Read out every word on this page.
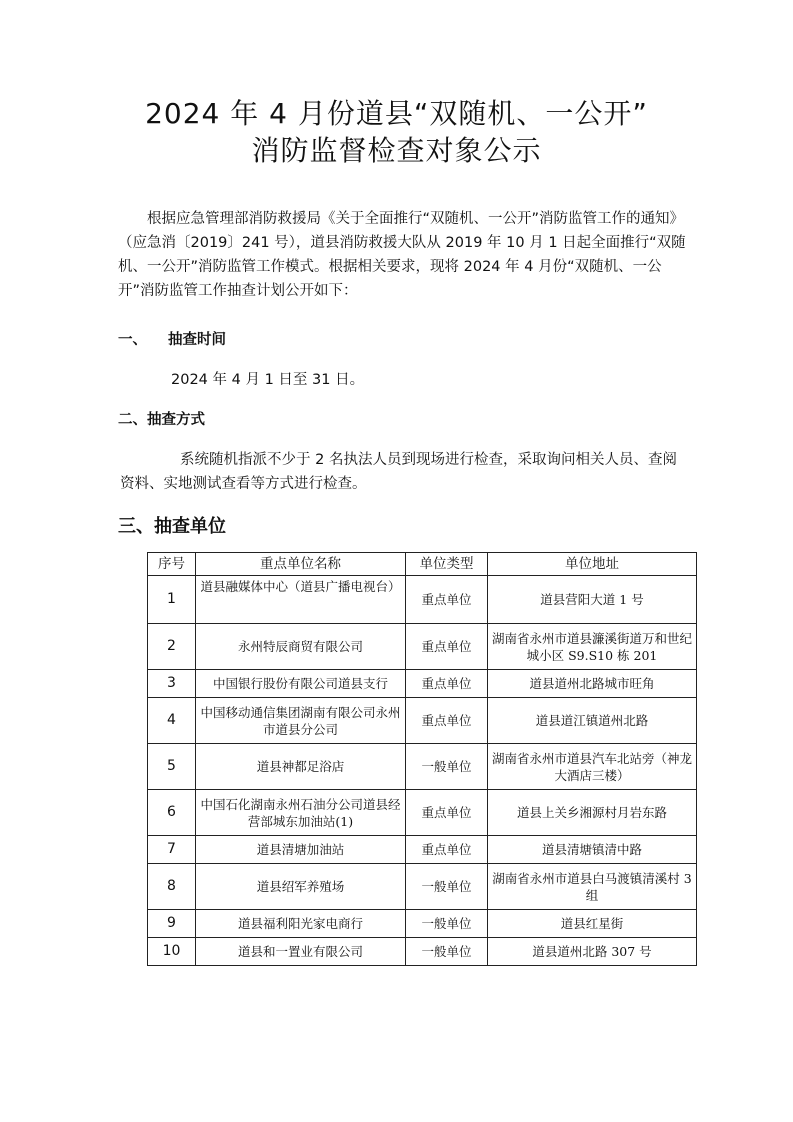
2024 年 4 月份道县“双随机、一公开”
消防监督检查对象公示
根据应急管理部消防救援局《关于全面推行“双随机、一公开”消防监管工作的通知》（应急消〔2019〕241 号），道县消防救援大队从 2019 年 10 月 1 日起全面推行“双随机、一公开”消防监管工作模式。根据相关要求，现将 2024 年 4 月份“双随机、一公开”消防监管工作抽查计划公开如下：
一、 抽查时间
2024 年 4 月 1 日至 31 日。
二、抽查方式
系统随机指派不少于 2 名执法人员到现场进行检查，采取询问相关人员、查阅资料、实地测试查看等方式进行检查。
三、抽查单位
序号	重点单位名称	单位类型	单位地址
1	道县融媒体中心（道县广播电视台）	重点单位	道县营阳大道 1 号
2	永州特辰商贸有限公司	重点单位	湖南省永州市道县濂溪街道万和世纪城小区 S9.S10 栋 201
3	中国银行股份有限公司道县支行	重点单位	道县道州北路城市旺角
4	中国移动通信集团湖南有限公司永州市道县分公司	重点单位	道县道江镇道州北路
5	道县神都足浴店	一般单位	湖南省永州市道县汽车北站旁（神龙大酒店三楼）
6	中国石化湖南永州石油分公司道县经营部城东加油站(1)	重点单位	道县上关乡湘源村月岩东路
7	道县清塘加油站	重点单位	道县清塘镇清中路
8	道县绍军养殖场	一般单位	湖南省永州市道县白马渡镇清溪村 3 组
9	道县福利阳光家电商行	一般单位	道县红星街
10	道县和一置业有限公司	一般单位	道县道州北路 307 号
